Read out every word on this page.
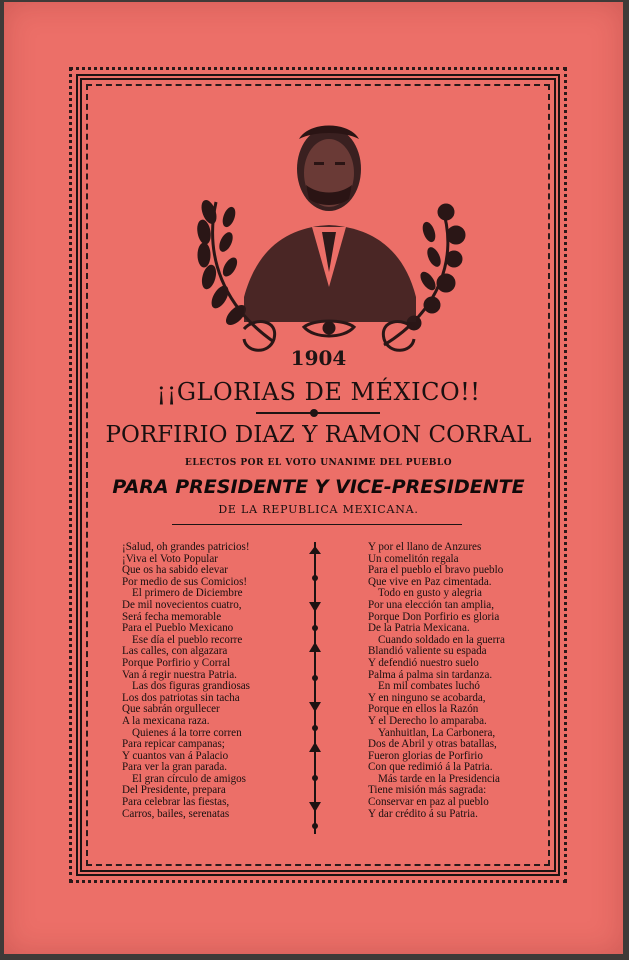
1904
¡¡GLORIAS DE MÉXICO!!
PORFIRIO DIAZ Y RAMON CORRAL
ELECTOS POR EL VOTO UNANIME DEL PUEBLO
PARA PRESIDENTE Y VICE-PRESIDENTE
DE LA REPUBLICA MEXICANA.
¡Salud, oh grandes patricios!
¡Viva el Voto Popular
Que os ha sabido elevar
Por medio de sus Comicios!
El primero de Diciembre
De mil novecientos cuatro,
Será fecha memorable
Para el Pueblo Mexicano
Ese día el pueblo recorre
Las calles, con algazara
Porque Porfirio y Corral
Van á regir nuestra Patria.
Las dos figuras grandiosas
Los dos patriotas sin tacha
Que sabrán orgullecer
A la mexicana raza.
Quienes á la torre corren
Para repicar campanas;
Y cuantos van á Palacio
Para ver la gran parada.
El gran círculo de amigos
Del Presidente, prepara
Para celebrar las fiestas,
Carros, bailes, serenatas
Y por el llano de Anzures
Un comelitón regala
Para el pueblo el bravo pueblo
Que vive en Paz cimentada.
Todo en gusto y alegria
Por una elección tan amplia,
Porque Don Porfirio es gloria
De la Patria Mexicana.
Cuando soldado en la guerra
Blandió valiente su espada
Y defendió nuestro suelo
Palma á palma sin tardanza.
En mil combates luchó
Y en ninguno se acobarda,
Porque en ellos la Razón
Y el Derecho lo amparaba.
Yanhuitlan, La Carbonera,
Dos de Abril y otras batallas,
Fueron glorias de Porfirio
Con que redimió á la Patria.
Más tarde en la Presidencia
Tiene misión más sagrada:
Conservar en paz al pueblo
Y dar crédito á su Patria.
